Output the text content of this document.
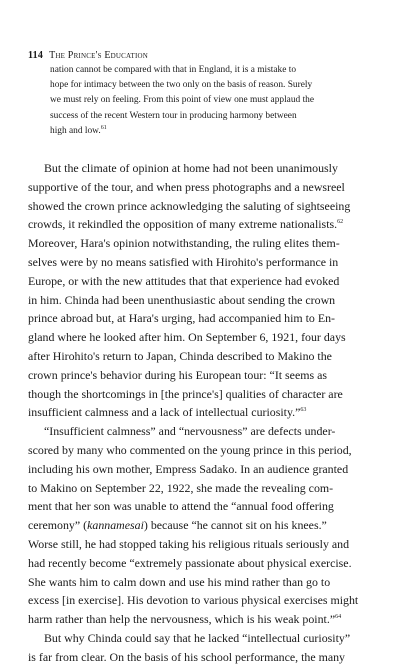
114 The Prince's Education
nation cannot be compared with that in England, it is a mistake to
hope for intimacy between the two only on the basis of reason. Surely
we must rely on feeling. From this point of view one must applaud the
success of the recent Western tour in producing harmony between
high and low.$^{61}$
But the climate of opinion at home had not been unanimously
supportive of the tour, and when press photographs and a newsreel
showed the crown prince acknowledging the saluting of sightseeing
crowds, it rekindled the opposition of many extreme nationalists.$^{62}$
Moreover, Hara's opinion notwithstanding, the ruling elites them-
selves were by no means satisfied with Hirohito's performance in
Europe, or with the new attitudes that that experience had evoked
in him. Chinda had been unenthusiastic about sending the crown
prince abroad but, at Hara's urging, had accompanied him to En-
gland where he looked after him. On September 6, 1921, four days
after Hirohito's return to Japan, Chinda described to Makino the
crown prince's behavior during his European tour: “It seems as
though the shortcomings in [the prince's] qualities of character are
insufficient calmness and a lack of intellectual curiosity.”$^{63}$
“Insufficient calmness” and “nervousness” are defects under-
scored by many who commented on the young prince in this period,
including his own mother, Empress Sadako. In an audience granted
to Makino on September 22, 1922, she made the revealing com-
ment that her son was unable to attend the “annual food offering
ceremony” (kannamesai) because “he cannot sit on his knees.”
Worse still, he had stopped taking his religious rituals seriously and
had recently become “extremely passionate about physical exercise.
She wants him to calm down and use his mind rather than go to
excess [in exercise]. His devotion to various physical exercises might
harm rather than help the nervousness, which is his weak point.”$^{64}$
But why Chinda could say that he lacked “intellectual curiosity”
is far from clear. On the basis of his school performance, the many
